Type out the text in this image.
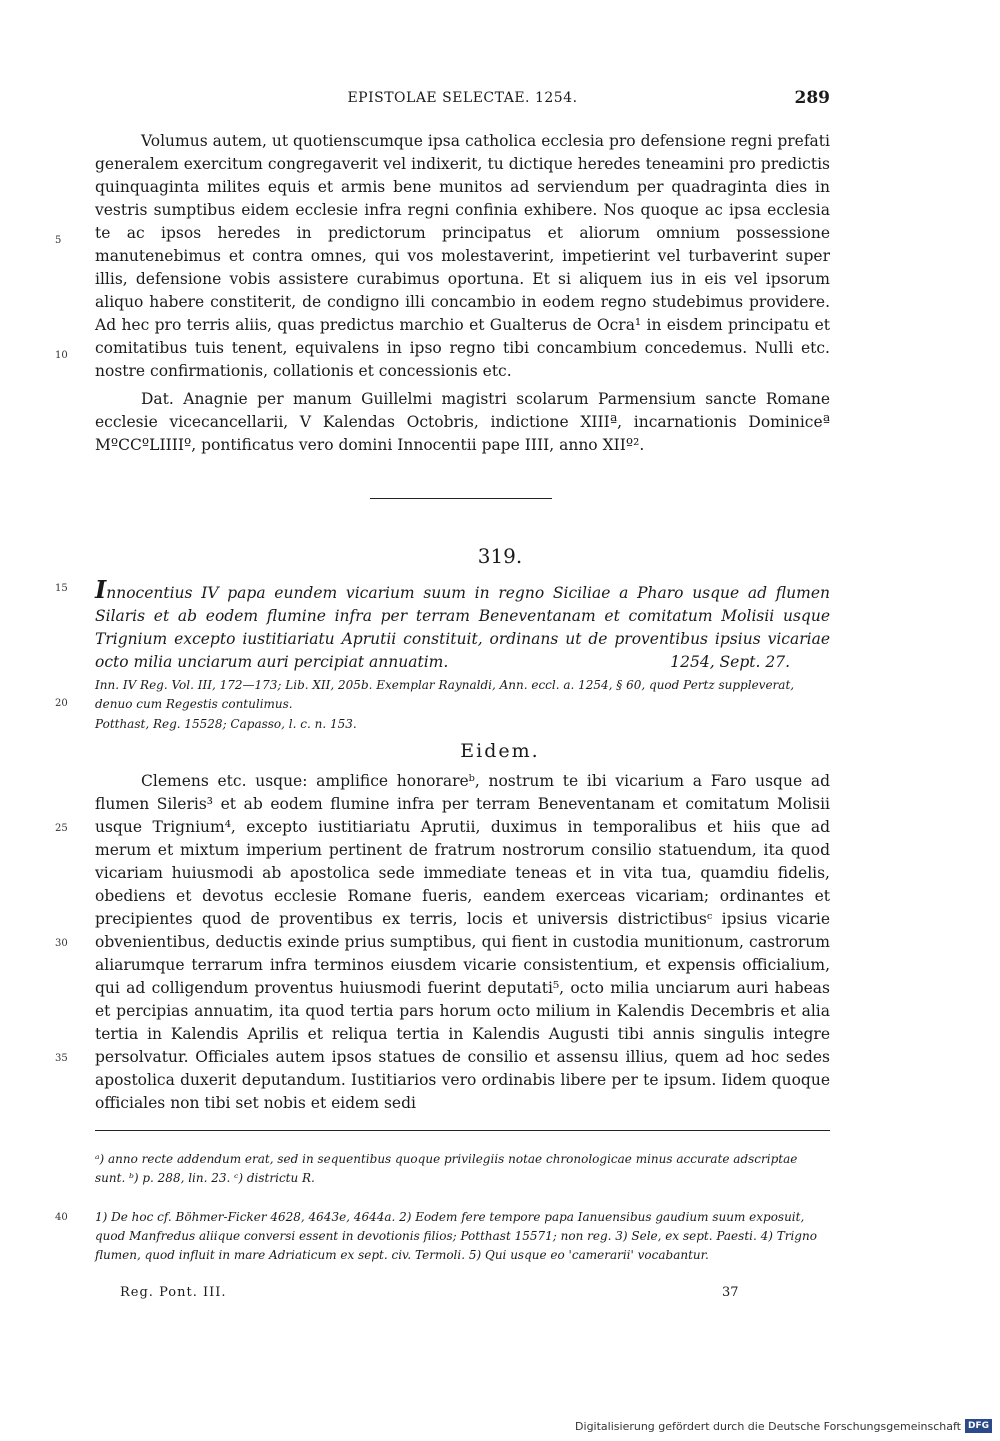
EPISTOLAE SELECTAE. 1254.	289
Volumus autem, ut quotienscumque ipsa catholica ecclesia pro defensione regni prefati generalem exercitum congregaverit vel indixerit, tu dictique heredes teneamini pro predictis quinquaginta milites equis et armis bene munitos ad serviendum per quadraginta dies in vestris sumptibus eidem ecclesie infra regni confinia exhibere. Nos quoque ac ipsa ecclesia te ac ipsos heredes in predictorum principatus et aliorum omnium possessione manutenebimus et contra omnes, qui vos molestaverint, impetierint vel turbaverint super illis, defensione vobis assistere curabimus oportuna. Et si aliquem ius in eis vel ipsorum aliquo habere constiterit, de condigno illi concambio in eodem regno studebimus providere. Ad hec pro terris aliis, quas predictus marchio et Gualterus de Ocra¹ in eisdem principatu et comitatibus tuis tenent, equivalens in ipso regno tibi concambium concedemus. Nulli etc. nostre confirmationis, collationis et concessionis etc.
Dat. Anagnie per manum Guillelmi magistri scolarum Parmensium sancte Romane ecclesie vicecancellarii, V Kalendas Octobris, indictione XIIIª, incarnationis Dominiceª MºCCºLIIIIº, pontificatus vero domini Innocentii pape IIII, anno XIIº².
319.
Innocentius IV papa eundem vicarium suum in regno Siciliae a Pharo usque ad flumen Silaris et ab eodem flumine infra per terram Beneventanam et comitatum Molisii usque Trignium excepto iustitiariatu Aprutii constituit, ordinans ut de proventibus ipsius vicariae octo milia unciarum auri percipiat annuatim.	1254, Sept. 27.
Inn. IV Reg. Vol. III, 172—173; Lib. XII, 205b. Exemplar Raynaldi, Ann. eccl. a. 1254, § 60, quod Pertz suppleverat, denuo cum Regestis contulimus.
Potthast, Reg. 15528; Capasso, l. c. n. 153.
Eidem.
Clemens etc. usque: amplifice honorareᵇ, nostrum te ibi vicarium a Faro usque ad flumen Sileris³ et ab eodem flumine infra per terram Beneventanam et comitatum Molisii usque Trignium⁴, excepto iustitiariatu Aprutii, duximus in temporalibus et hiis que ad merum et mixtum imperium pertinent de fratrum nostrorum consilio statuendum, ita quod vicariam huiusmodi ab apostolica sede immediate teneas et in vita tua, quamdiu fidelis, obediens et devotus ecclesie Romane fueris, eandem exerceas vicariam; ordinantes et precipientes quod de proventibus ex terris, locis et universis districtibusᶜ ipsius vicarie obvenientibus, deductis exinde prius sumptibus, qui fient in custodia munitionum, castrorum aliarumque terrarum infra terminos eiusdem vicarie consistentium, et expensis officialium, qui ad colligendum proventus huiusmodi fuerint deputati⁵, octo milia unciarum auri habeas et percipias annuatim, ita quod tertia pars horum octo milium in Kalendis Decembris et alia tertia in Kalendis Aprilis et reliqua tertia in Kalendis Augusti tibi annis singulis integre persolvatur. Officiales autem ipsos statues de consilio et assensu illius, quem ad hoc sedes apostolica duxerit deputandum. Iustitiarios vero ordinabis libere per te ipsum. Iidem quoque officiales non tibi set nobis et eidem sedi
ᵃ) anno recte addendum erat, sed in sequentibus quoque privilegiis notae chronologicae minus accurate adscriptae sunt. ᵇ) p. 288, lin. 23. ᶜ) districtu R.
1) De hoc cf. Böhmer-Ficker 4628, 4643e, 4644a. 2) Eodem fere tempore papa Ianuensibus gaudium suum exposuit, quod Manfredus aliique conversi essent in devotionis filios; Potthast 15571; non reg. 3) Sele, ex sept. Paesti. 4) Trigno flumen, quod influit in mare Adriaticum ex sept. civ. Termoli. 5) Qui usque eo 'camerarii' vocabantur.
5
10
15
20
25
30
35
40
Reg. Pont. III.	37
Digitalisierung gefördert durch die Deutsche Forschungsgemeinschaft DFG
